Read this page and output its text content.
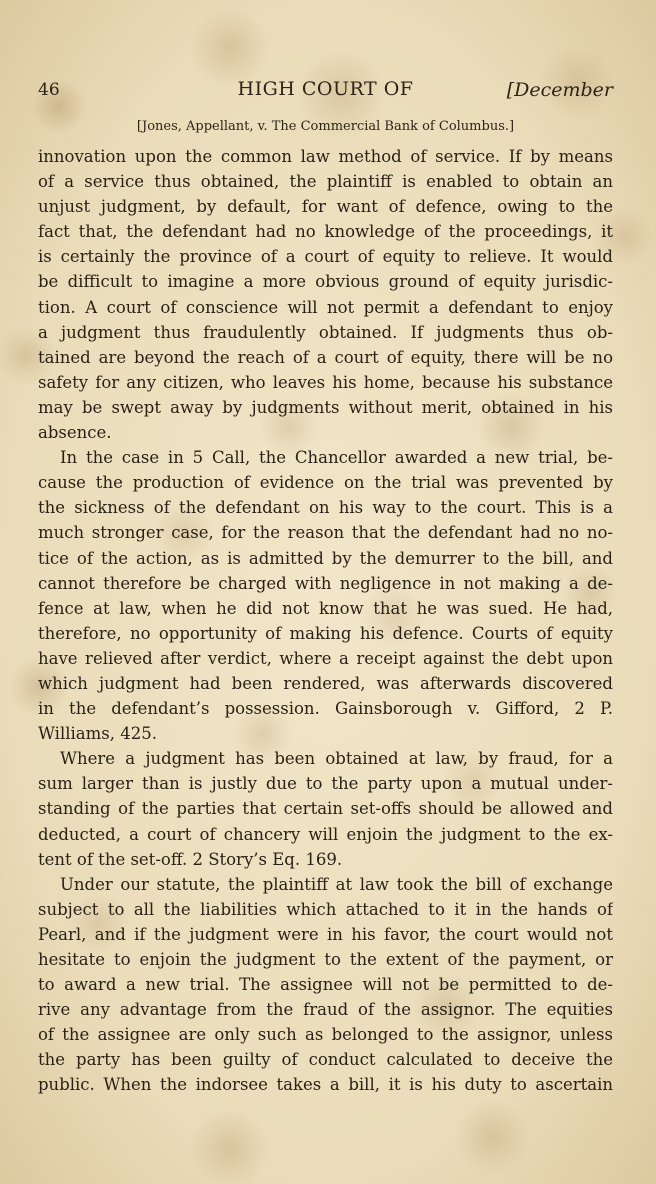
46	HIGH COURT OF	[December
[Jones, Appellant, v. The Commercial Bank of Columbus.]
innovation upon the common law method of service. If by means
of a service thus obtained, the plaintiff is enabled to obtain an
unjust judgment, by default, for want of defence, owing to the
fact that, the defendant had no knowledge of the proceedings, it
is certainly the province of a court of equity to relieve. It would
be difficult to imagine a more obvious ground of equity jurisdic-
tion. A court of conscience will not permit a defendant to enjoy
a judgment thus fraudulently obtained. If judgments thus ob-
tained are beyond the reach of a court of equity, there will be no
safety for any citizen, who leaves his home, because his substance
may be swept away by judgments without merit, obtained in his
absence.
In the case in 5 Call, the Chancellor awarded a new trial, be-
cause the production of evidence on the trial was prevented by
the sickness of the defendant on his way to the court. This is a
much stronger case, for the reason that the defendant had no no-
tice of the action, as is admitted by the demurrer to the bill, and
cannot therefore be charged with negligence in not making a de-
fence at law, when he did not know that he was sued. He had,
therefore, no opportunity of making his defence. Courts of equity
have relieved after verdict, where a receipt against the debt upon
which judgment had been rendered, was afterwards discovered
in the defendant’s possession. Gainsborough v. Gifford, 2 P.
Williams, 425.
Where a judgment has been obtained at law, by fraud, for a
sum larger than is justly due to the party upon a mutual under-
standing of the parties that certain set-offs should be allowed and
deducted, a court of chancery will enjoin the judgment to the ex-
tent of the set-off. 2 Story’s Eq. 169.
Under our statute, the plaintiff at law took the bill of exchange
subject to all the liabilities which attached to it in the hands of
Pearl, and if the judgment were in his favor, the court would not
hesitate to enjoin the judgment to the extent of the payment, or
to award a new trial. The assignee will not be permitted to de-
rive any advantage from the fraud of the assignor. The equities
of the assignee are only such as belonged to the assignor, unless
the party has been guilty of conduct calculated to deceive the
public. When the indorsee takes a bill, it is his duty to ascertain
